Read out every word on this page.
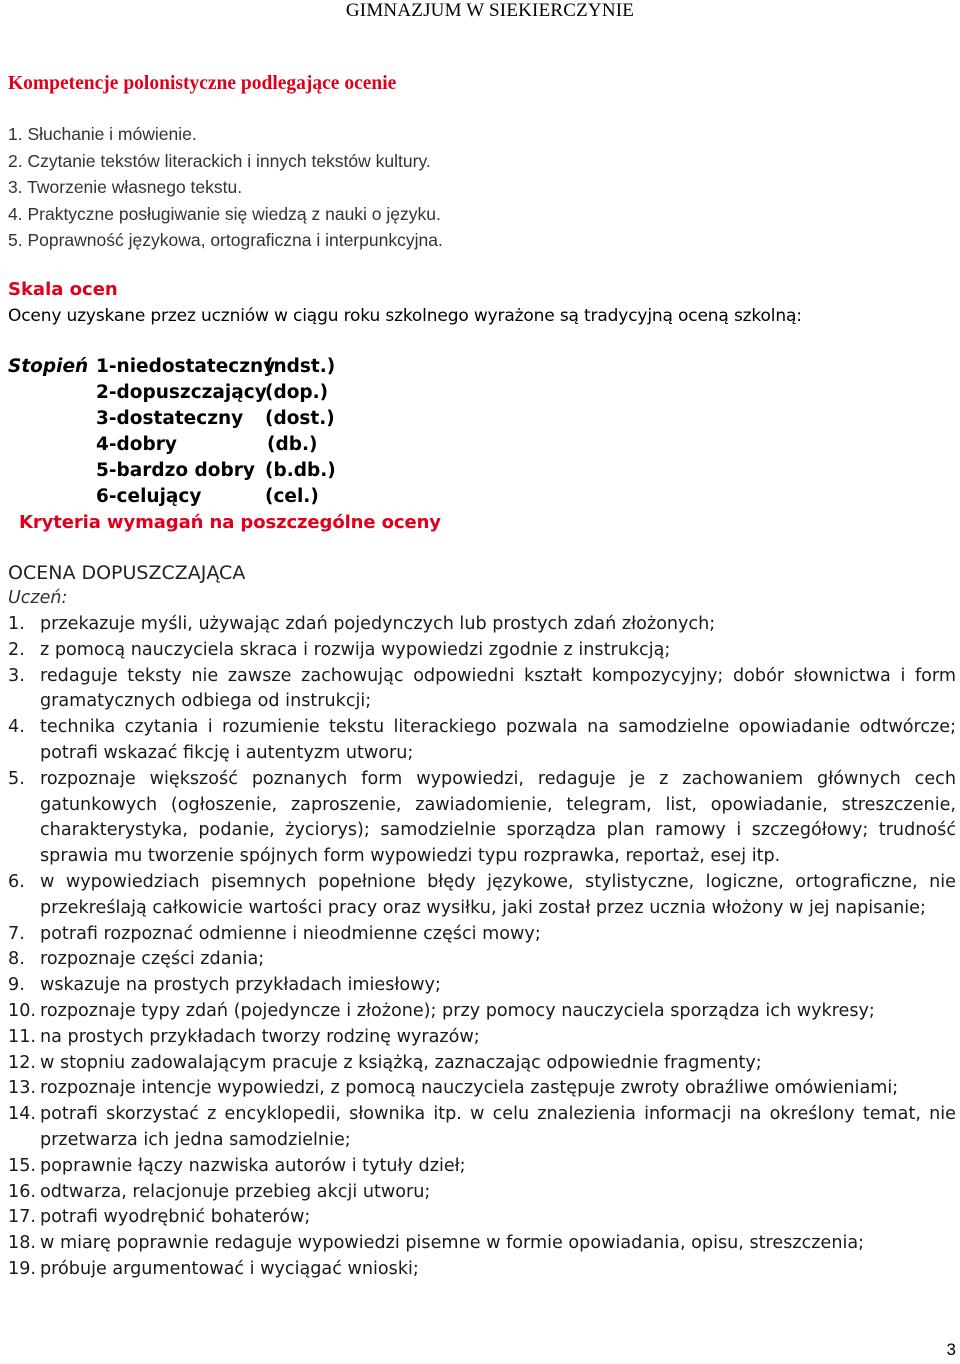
GIMNAZJUM W SIEKIERCZYNIE
Kompetencje polonistyczne podlegające ocenie
1. Słuchanie i mówienie.
2. Czytanie tekstów literackich i innych tekstów kultury.
3. Tworzenie własnego tekstu.
4. Praktyczne posługiwanie się wiedzą z nauki o języku.
5. Poprawność językowa, ortograficzna i interpunkcyjna.
Skala ocen
Oceny uzyskane przez uczniów w ciągu roku szkolnego wyrażone są tradycyjną oceną szkolną:
Stopień 1-niedostateczny
(ndst.)
2-dopuszczający
(dop.)
3-dostateczny (dost.)
4-dobry	(db.)
5-bardzo dobry (b.db.)
6-celujący	(cel.)
Kryteria wymagań na poszczególne oceny
OCENA DOPUSZCZAJĄCA
Uczeń:
1. przekazuje myśli, używając zdań pojedynczych lub prostych zdań złożonych;
2. z pomocą nauczyciela skraca i rozwija wypowiedzi zgodnie z instrukcją;
3. redaguje teksty nie zawsze zachowując odpowiedni kształt kompozycyjny; dobór słownictwa i form gramatycznych odbiega od instrukcji;
4. technika czytania i rozumienie tekstu literackiego pozwala na samodzielne opowiadanie odtwórcze; potrafi wskazać fikcję i autentyzm utworu;
5. rozpoznaje większość poznanych form wypowiedzi, redaguje je z zachowaniem głównych cech gatunkowych (ogłoszenie, zaproszenie, zawiadomienie, telegram, list, opowiadanie, streszczenie, charakterystyka, podanie, życiorys); samodzielnie sporządza plan ramowy i szczegółowy; trudność sprawia mu tworzenie spójnych form wypowiedzi typu rozprawka, reportaż, esej itp.
6. w wypowiedziach pisemnych popełnione błędy językowe, stylistyczne, logiczne, ortograficzne, nie przekreślają całkowicie wartości pracy oraz wysiłku, jaki został przez ucznia włożony w jej napisanie;
7. potrafi rozpoznać odmienne i nieodmienne części mowy;
8. rozpoznaje części zdania;
9. wskazuje na prostych przykładach imiesłowy;
10. rozpoznaje typy zdań (pojedyncze i złożone); przy pomocy nauczyciela sporządza ich wykresy;
11. na prostych przykładach tworzy rodzinę wyrazów;
12. w stopniu zadowalającym pracuje z książką, zaznaczając odpowiednie fragmenty;
13. rozpoznaje intencje wypowiedzi, z pomocą nauczyciela zastępuje zwroty obraźliwe omówieniami;
14. potrafi skorzystać z encyklopedii, słownika itp. w celu znalezienia informacji na określony temat, nie przetwarza ich jedna samodzielnie;
15. poprawnie łączy nazwiska autorów i tytuły dzieł;
16. odtwarza, relacjonuje przebieg akcji utworu;
17. potrafi wyodrębnić bohaterów;
18. w miarę poprawnie redaguje wypowiedzi pisemne w formie opowiadania, opisu, streszczenia;
19. próbuje argumentować i wyciągać wnioski;
3
